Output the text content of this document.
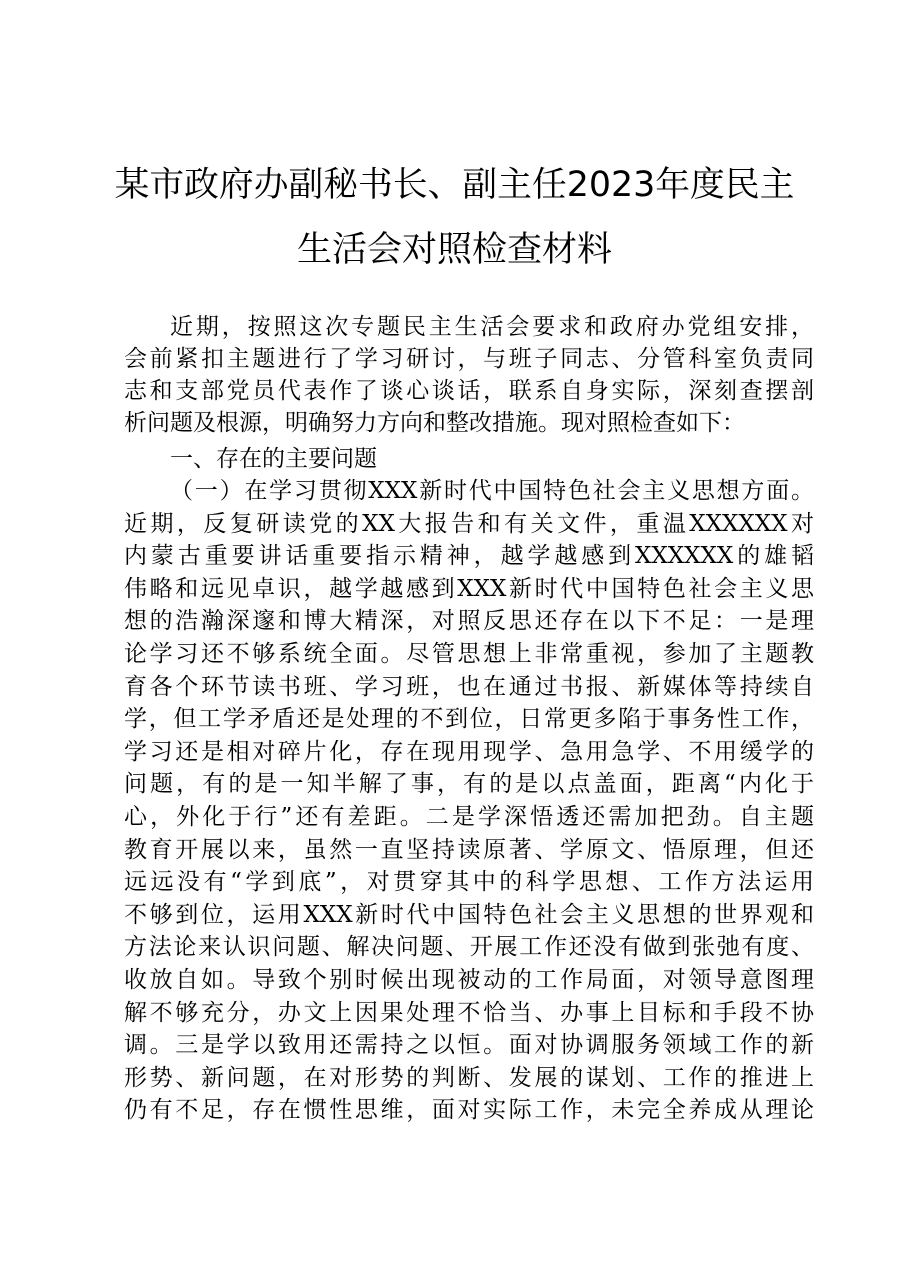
某市政府办副秘书长、副主任2023年度民主
生活会对照检查材料
近期，按照这次专题民主生活会要求和政府办党组安排，
会前紧扣主题进行了学习研讨，与班子同志、分管科室负责同
志和支部党员代表作了谈心谈话，联系自身实际，深刻查摆剖
析问题及根源，明确努力方向和整改措施。现对照检查如下：
一、存在的主要问题
（一）在学习贯彻XXX新时代中国特色社会主义思想方面。
近期，反复研读党的XX大报告和有关文件，重温XXXXXX对
内蒙古重要讲话重要指示精神，越学越感到XXXXXX的雄韬
伟略和远见卓识，越学越感到XXX新时代中国特色社会主义思
想的浩瀚深邃和博大精深，对照反思还存在以下不足：一是理
论学习还不够系统全面。尽管思想上非常重视，参加了主题教
育各个环节读书班、学习班，也在通过书报、新媒体等持续自
学，但工学矛盾还是处理的不到位，日常更多陷于事务性工作，
学习还是相对碎片化，存在现用现学、急用急学、不用缓学的
问题，有的是一知半解了事，有的是以点盖面，距离“内化于
心，外化于行”还有差距。二是学深悟透还需加把劲。自主题
教育开展以来，虽然一直坚持读原著、学原文、悟原理，但还
远远没有“学到底”，对贯穿其中的科学思想、工作方法运用
不够到位，运用XXX新时代中国特色社会主义思想的世界观和
方法论来认识问题、解决问题、开展工作还没有做到张弛有度、
收放自如。导致个别时候出现被动的工作局面，对领导意图理
解不够充分，办文上因果处理不恰当、办事上目标和手段不协
调。三是学以致用还需持之以恒。面对协调服务领域工作的新
形势、新问题，在对形势的判断、发展的谋划、工作的推进上
仍有不足，存在惯性思维，面对实际工作，未完全养成从理论
